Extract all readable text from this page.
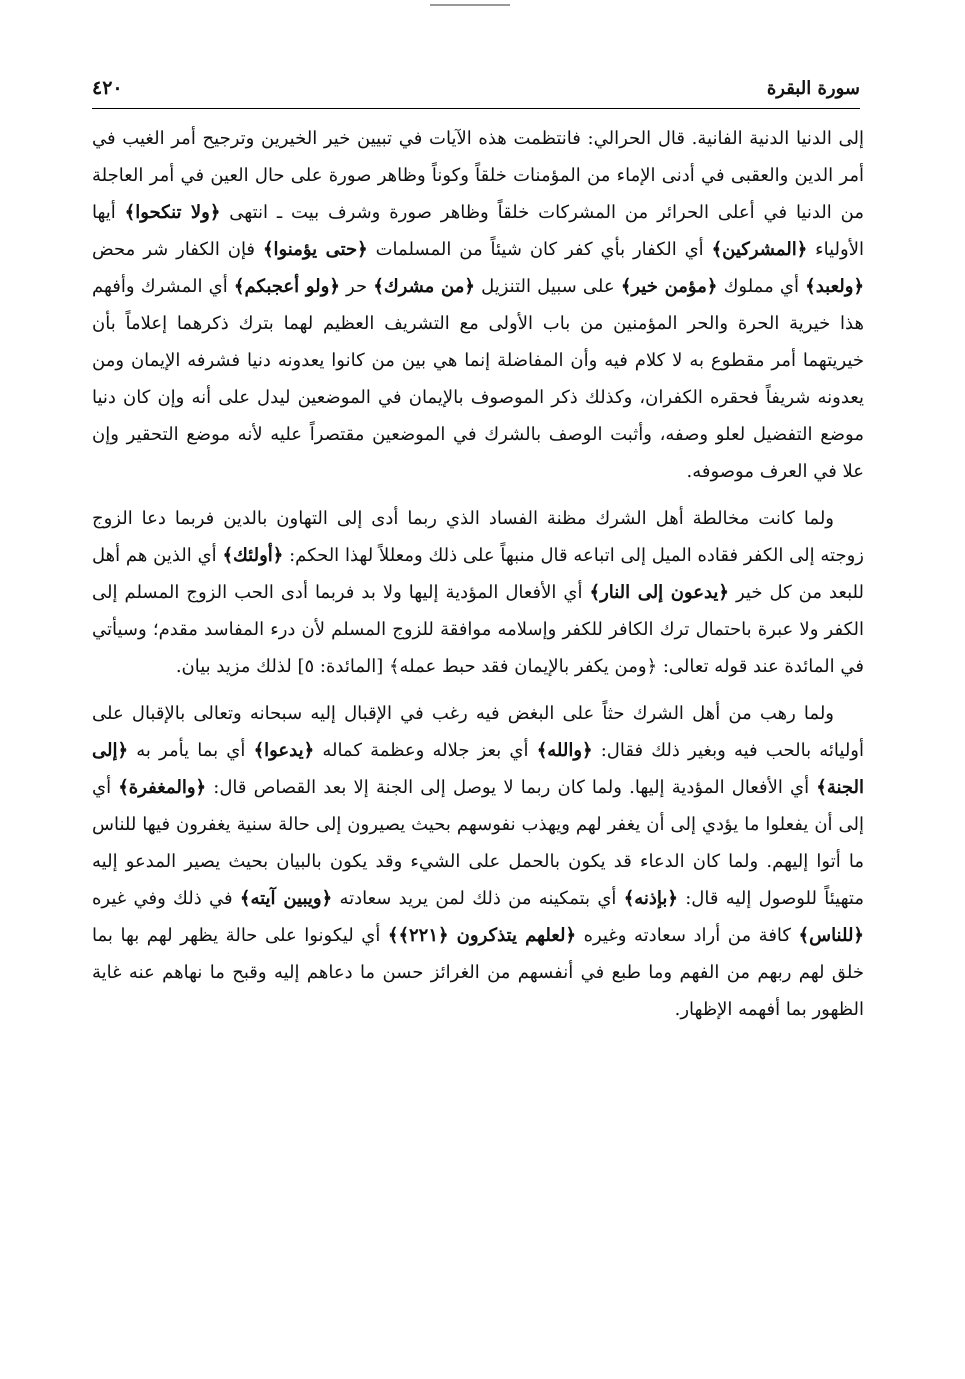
سورة البقرة
٤٢٠

إلى الدنيا الدنية الفانية. قال الحرالي: فانتظمت هذه الآيات في تبيين خير الخيرين وترجيح أمر الغيب في أمر الدين والعقبى في أدنى الإماء من المؤمنات خلقاً وكوناً وظاهر صورة على حال العين في أمر العاجلة من الدنيا في أعلى الحرائر من المشركات خلقاً وظاهر صورة وشرف بيت ـ انتهى ﴿ولا تنكحوا﴾ أيها الأولياء ﴿المشركين﴾ أي الكفار بأي كفر كان شيئاً من المسلمات ﴿حتى يؤمنوا﴾ فإن الكفار شر محض ﴿ولعبد﴾ أي مملوك ﴿مؤمن خير﴾ على سبيل التنزيل ﴿من مشرك﴾ حر ﴿ولو أعجبكم﴾ أي المشرك وأفهم هذا خيرية الحرة والحر المؤمنين من باب الأولى مع التشريف العظيم لهما بترك ذكرهما إعلاماً بأن خيريتهما أمر مقطوع به لا كلام فيه وأن المفاضلة إنما هي بين من كانوا يعدونه دنيا فشرفه الإيمان ومن يعدونه شريفاً فحقره الكفران، وكذلك ذكر الموصوف بالإيمان في الموضعين ليدل على أنه وإن كان دنيا موضع التفضيل لعلو وصفه، وأثبت الوصف بالشرك في الموضعين مقتصراً عليه لأنه موضع التحقير وإن علا في العرف موصوفه.

ولما كانت مخالطة أهل الشرك مظنة الفساد الذي ربما أدى إلى التهاون بالدين فربما دعا الزوج زوجته إلى الكفر فقاده الميل إلى اتباعه قال منبهاً على ذلك ومعللاً لهذا الحكم: ﴿أولئك﴾ أي الذين هم أهل للبعد من كل خير ﴿يدعون إلى النار﴾ أي الأفعال المؤدية إليها ولا بد فربما أدى الحب الزوج المسلم إلى الكفر ولا عبرة باحتمال ترك الكافر للكفر وإسلامه موافقة للزوج المسلم لأن درء المفاسد مقدم؛ وسيأتي في المائدة عند قوله تعالى: ﴿ومن يكفر بالإيمان فقد حبط عمله﴾ [المائدة: ٥] لذلك مزيد بيان.

ولما رهب من أهل الشرك حثاً على البغض فيه رغب في الإقبال إليه سبحانه وتعالى بالإقبال على أوليائه بالحب فيه وبغير ذلك فقال: ﴿والله﴾ أي بعز جلاله وعظمة كماله ﴿يدعوا﴾ أي بما يأمر به ﴿إلى الجنة﴾ أي الأفعال المؤدية إليها. ولما كان ربما لا يوصل إلى الجنة إلا بعد القصاص قال: ﴿والمغفرة﴾ أي إلى أن يفعلوا ما يؤدي إلى أن يغفر لهم ويهذب نفوسهم بحيث يصيرون إلى حالة سنية يغفرون فيها للناس ما أتوا إليهم. ولما كان الدعاء قد يكون بالحمل على الشيء وقد يكون بالبيان بحيث يصير المدعو إليه متهيئاً للوصول إليه قال: ﴿بإذنه﴾ أي بتمكينه من ذلك لمن يريد سعادته ﴿ويبين آيته﴾ في ذلك وفي غيره ﴿للناس﴾ كافة من أراد سعادته وغيره ﴿لعلهم يتذكرون ﴿٢٢١﴾﴾ أي ليكونوا على حالة يظهر لهم بها بما خلق لهم ربهم من الفهم وما طبع في أنفسهم من الغرائز حسن ما دعاهم إليه وقبح ما نهاهم عنه غاية الظهور بما أفهمه الإظهار.
